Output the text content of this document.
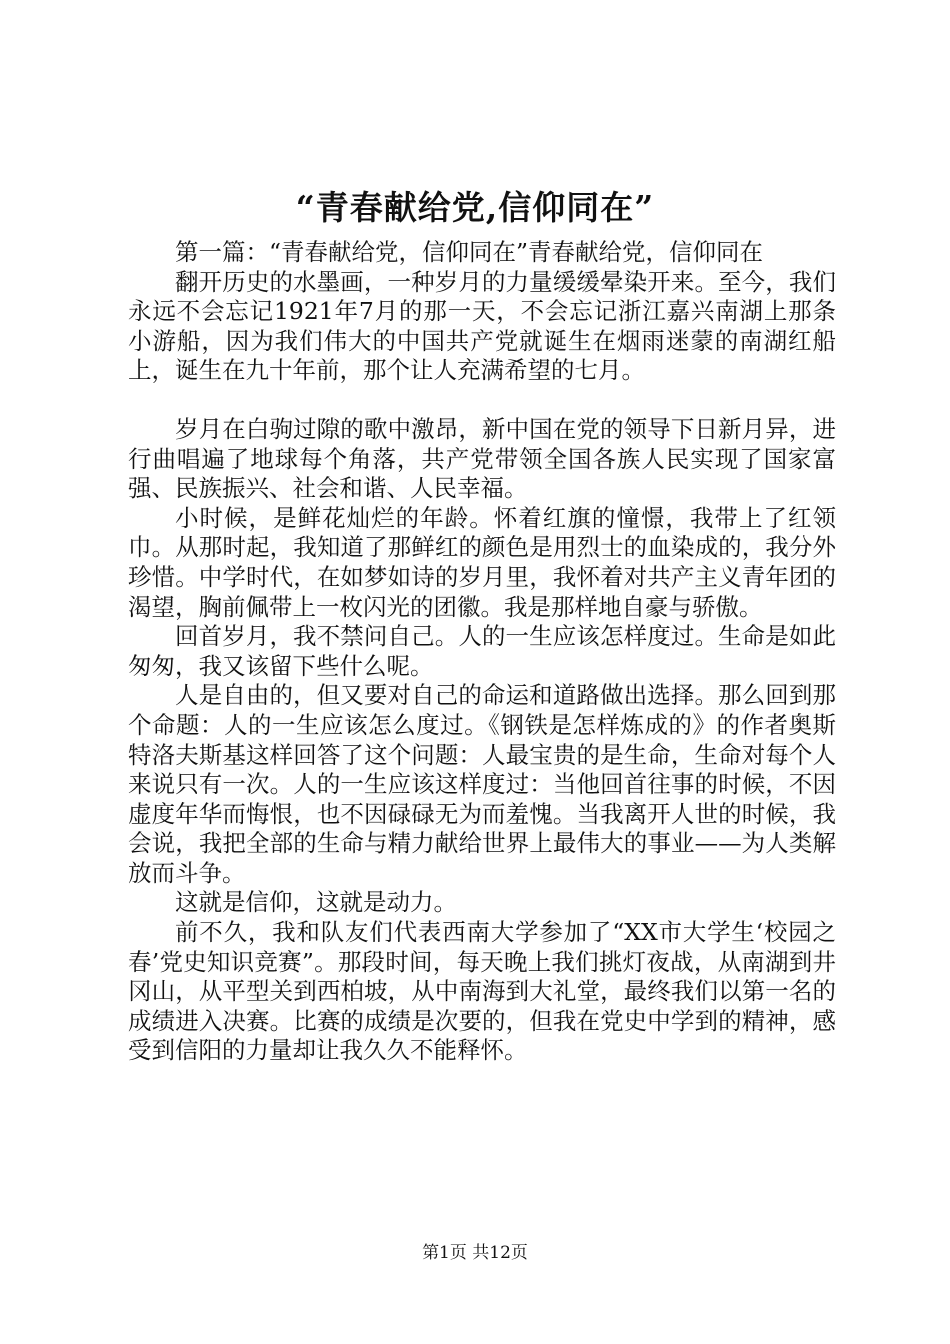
“青春献给党,信仰同在”

第一篇：“青春献给党，信仰同在”青春献给党，信仰同在

翻开历史的水墨画，一种岁月的力量缓缓晕染开来。至今，我们永远不会忘记1921年7月的那一天，不会忘记浙江嘉兴南湖上那条小游船，因为我们伟大的中国共产党就诞生在烟雨迷蒙的南湖红船上，诞生在九十年前，那个让人充满希望的七月。

岁月在白驹过隙的歌中激昂，新中国在党的领导下日新月异，进行曲唱遍了地球每个角落，共产党带领全国各族人民实现了国家富强、民族振兴、社会和谐、人民幸福。

小时候，是鲜花灿烂的年龄。怀着红旗的憧憬，我带上了红领巾。从那时起，我知道了那鲜红的颜色是用烈士的血染成的，我分外珍惜。中学时代，在如梦如诗的岁月里，我怀着对共产主义青年团的渴望，胸前佩带上一枚闪光的团徽。我是那样地自豪与骄傲。

回首岁月，我不禁问自己。人的一生应该怎样度过。生命是如此匆匆，我又该留下些什么呢。

人是自由的，但又要对自己的命运和道路做出选择。那么回到那个命题：人的一生应该怎么度过。《钢铁是怎样炼成的》的作者奥斯特洛夫斯基这样回答了这个问题：人最宝贵的是生命，生命对每个人来说只有一次。人的一生应该这样度过：当他回首往事的时候，不因虚度年华而悔恨，也不因碌碌无为而羞愧。当我离开人世的时候，我会说，我把全部的生命与精力献给世界上最伟大的事业——为人类解放而斗争。

这就是信仰，这就是动力。

前不久，我和队友们代表西南大学参加了“XX市大学生‘校园之春’党史知识竞赛”。那段时间，每天晚上我们挑灯夜战，从南湖到井冈山，从平型关到西柏坡，从中南海到大礼堂，最终我们以第一名的成绩进入决赛。比赛的成绩是次要的，但我在党史中学到的精神，感受到信阳的力量却让我久久不能释怀。

第1页 共12页
